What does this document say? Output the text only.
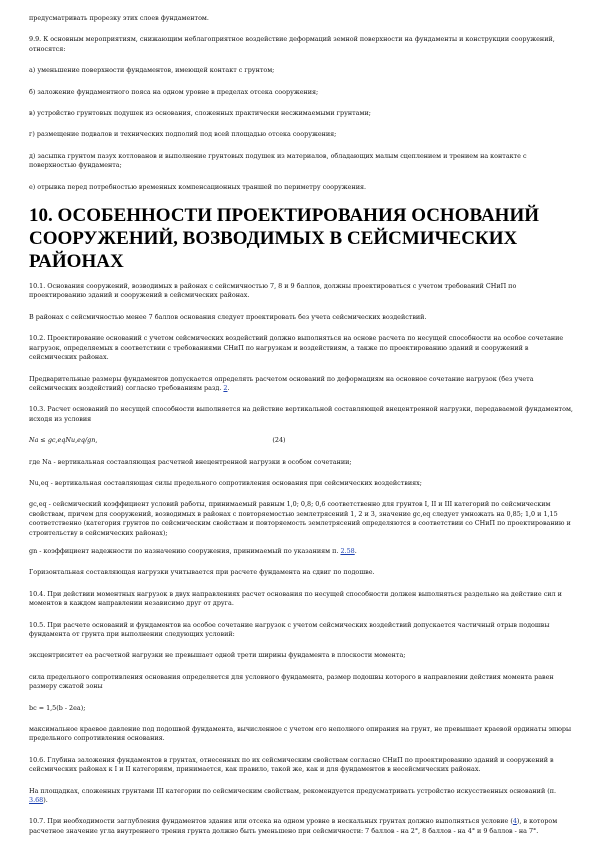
предусматривать прорезку этих слоев фундаментом.

9.9. К основным мероприятиям, снижающим неблагоприятное воздействие деформаций земной поверхности на фундаменты и конструкции сооружений, относятся:

а) уменьшение поверхности фундаментов, имеющей контакт с грунтом;

б) заложение фундаментного пояса на одном уровне в пределах отсека сооружения;

в) устройство грунтовых подушек из основания, сложенных практически несжимаемыми грунтами;

г) размещение подвалов и технических подполий под всей площадью отсека сооружения;

д) засыпка грунтом пазух котлованов и выполнение грунтовых подушек из материалов, обладающих малым сцеплением и трением на контакте с поверхностью фундамента;

е) отрывка перед потребностью временных компенсационных траншей по периметру сооружения.

10. ОСОБЕННОСТИ ПРОЕКТИРОВАНИЯ ОСНОВАНИЙ СООРУЖЕНИЙ, ВОЗВОДИМЫХ В СЕЙСМИЧЕСКИХ РАЙОНАХ

10.1. Основания сооружений, возводимых в районах с сейсмичностью 7, 8 и 9 баллов, должны проектироваться с учетом требований СНиП по проектированию зданий и сооружений в сейсмических районах.

В районах с сейсмичностью менее 7 баллов основания следует проектировать без учета сейсмических воздействий.

10.2. Проектирование оснований с учетом сейсмических воздействий должно выполняться на основе расчета по несущей способности на особое сочетание нагрузок, определяемых в соответствии с требованиями СНиП по нагрузкам и воздействиям, а также по проектированию зданий и сооружений в сейсмических районах.

Предварительные размеры фундаментов допускается определять расчетом оснований по деформациям на основное сочетание нагрузок (без учета сейсмических воздействий) согласно требованиям разд. 2.

10.3. Расчет оснований по несущей способности выполняется на действие вертикальной составляющей внецентренной нагрузки, передаваемой фундаментом, исходя из условия

Na ≤ gc,eqNu,eq/gn,	(24)

где Na - вертикальная составляющая расчетной внецентренной нагрузки в особом сочетании;

Nu,eq - вертикальная составляющая силы предельного сопротивления основания при сейсмических воздействиях;

gc,eq - сейсмический коэффициент условий работы, принимаемый равным 1,0; 0,8; 0,6 соответственно для грунтов I, II и III категорий по сейсмическим свойствам, причем для сооружений, возводимых в районах с повторяемостью землетрясений 1, 2 и 3, значение gc,eq следует умножать на 0,85; 1,0 и 1,15 соответственно (категория грунтов по сейсмическим свойствам и повторяемость землетрясений определяются в соответствии со СНиП по проектированию и строительству в сейсмических районах);

gn - коэффициент надежности по назначению сооружения, принимаемый по указаниям п. 2.58.

Горизонтальная составляющая нагрузки учитывается при расчете фундамента на сдвиг по подошве.

10.4. При действии моментных нагрузок в двух направлениях расчет основания по несущей способности должен выполняться раздельно на действие сил и моментов в каждом направлении независимо друг от друга.

10.5. При расчете оснований и фундаментов на особое сочетание нагрузок с учетом сейсмических воздействий допускается частичный отрыв подошвы фундамента от грунта при выполнении следующих условий:

эксцентриситет еа расчетной нагрузки не превышает одной трети ширины фундамента в плоскости момента;

сила предельного сопротивления основания определяется для условного фундамента, размер подошвы которого в направлении действия момента равен размеру сжатой зоны

bc = 1,5(b - 2ea);

максимальное краевое давление под подошвой фундамента, вычисленное с учетом его неполного опирания на грунт, не превышает краевой ординаты эпюры предельного сопротивления основания.

10.6. Глубина заложения фундаментов в грунтах, отнесенных по их сейсмическим свойствам согласно СНиП по проектированию зданий и сооружений в сейсмических районах к I и II категориям, принимается, как правило, такой же, как и для фундаментов в несейсмических районах.

На площадках, сложенных грунтами III категории по сейсмическим свойствам, рекомендуется предусматривать устройство искусственных оснований (п. 3.68).

10.7. При необходимости заглубления фундаментов здания или отсека на одном уровне в нескальных грунтах должно выполняться условие (4), в котором расчетное значение угла внутреннего трения грунта должно быть уменьшено при сейсмичности: 7 баллов - на 2°, 8 баллов - на 4° и 9 баллов - на 7°.
